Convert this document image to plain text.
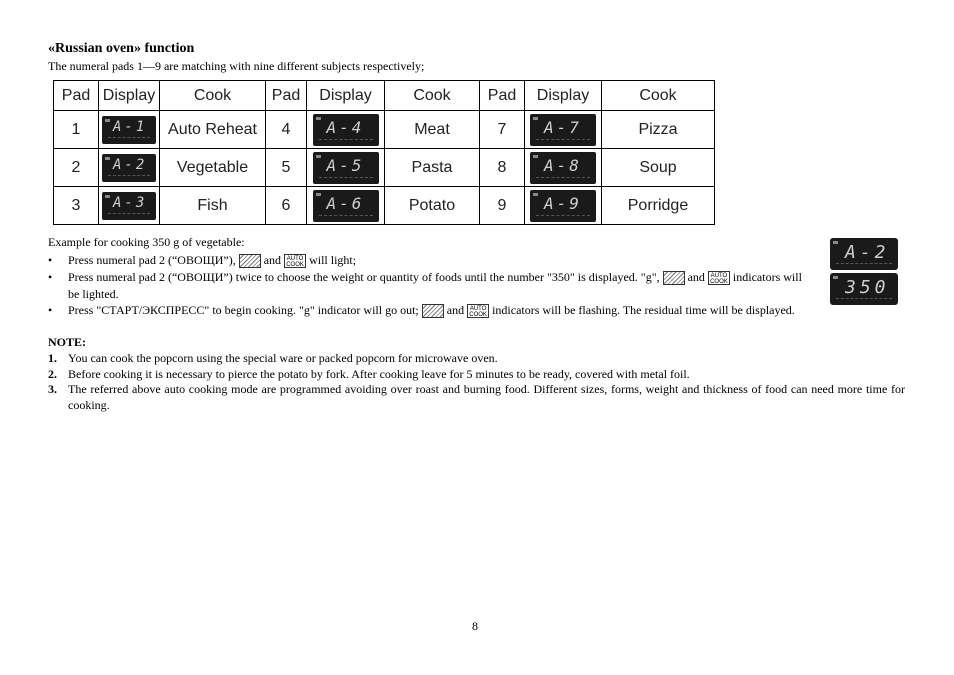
«Russian oven» function
The numeral pads 1—9 are matching with nine different subjects respectively;
Pad	Display	Cook	Pad	Display	Cook	Pad	Display	Cook
1	A-1	Auto Reheat	4	A-4	Meat	7	A-7	Pizza
2	A-2	Vegetable	5	A-5	Pasta	8	A-8	Soup
3	A-3	Fish	6	A-6	Potato	9	A-9	Porridge
Example for cooking 350 g of vegetable:
• Press numeral pad 2 (“ОВОЩИ”), and AUTO COOK will light;
• Press numeral pad 2 (“ОВОЩИ”) twice to choose the weight or quantity of foods until the number "350" is displayed. "g", and AUTO COOK indicators will be lighted.
• Press "СТАРТ/ЭКСПРЕСС" to begin cooking. "g" indicator will go out; and AUTO COOK indicators will be flashing. The residual time will be displayed.
A-2
350
NOTE:
1. You can cook the popcorn using the special ware or packed popcorn for microwave oven.
2. Before cooking it is necessary to pierce the potato by fork. After cooking leave for 5 minutes to be ready, covered with metal foil.
3. The referred above auto cooking mode are programmed avoiding over roast and burning food. Different sizes, forms, weight and thickness of food can need more time for cooking.
8
